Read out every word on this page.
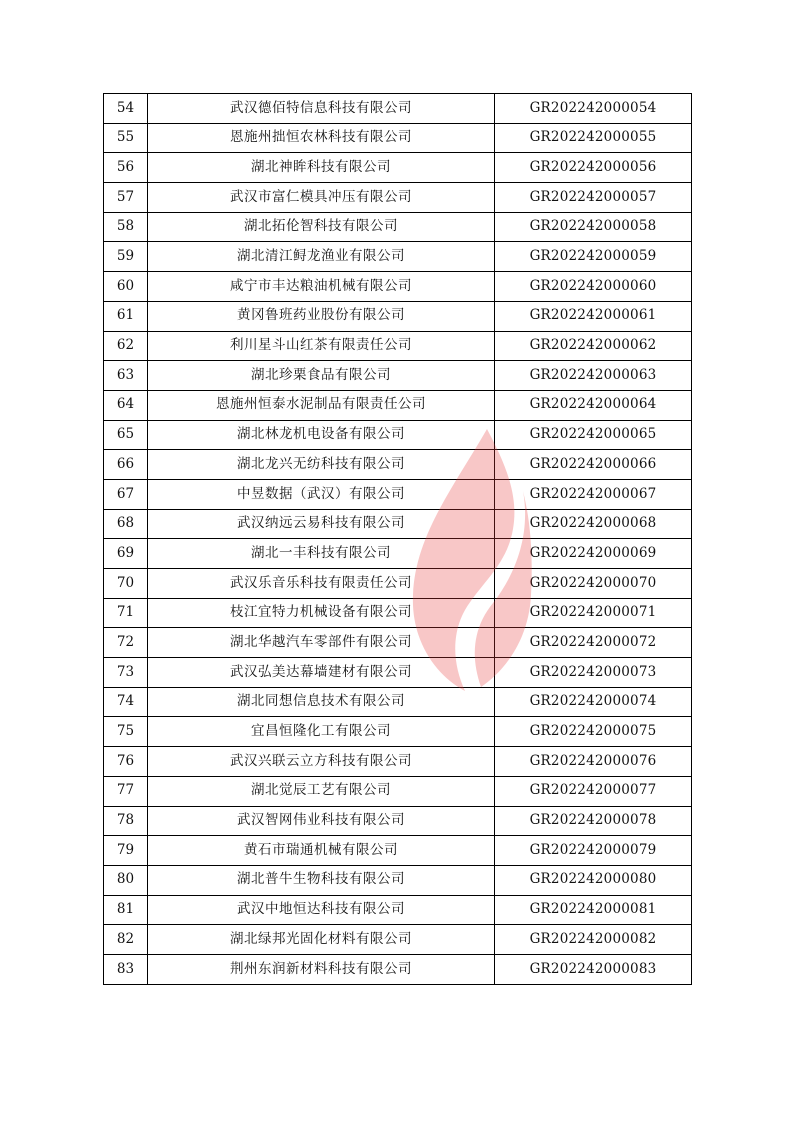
54	武汉德佰特信息科技有限公司	GR202242000054
55	恩施州拙恒农林科技有限公司	GR202242000055
56	湖北神眸科技有限公司	GR202242000056
57	武汉市富仁模具冲压有限公司	GR202242000057
58	湖北拓伦智科技有限公司	GR202242000058
59	湖北清江鲟龙渔业有限公司	GR202242000059
60	咸宁市丰达粮油机械有限公司	GR202242000060
61	黄冈鲁班药业股份有限公司	GR202242000061
62	利川星斗山红茶有限责任公司	GR202242000062
63	湖北珍栗食品有限公司	GR202242000063
64	恩施州恒泰水泥制品有限责任公司	GR202242000064
65	湖北林龙机电设备有限公司	GR202242000065
66	湖北龙兴无纺科技有限公司	GR202242000066
67	中昱数据（武汉）有限公司	GR202242000067
68	武汉纳远云易科技有限公司	GR202242000068
69	湖北一丰科技有限公司	GR202242000069
70	武汉乐音乐科技有限责任公司	GR202242000070
71	枝江宜特力机械设备有限公司	GR202242000071
72	湖北华越汽车零部件有限公司	GR202242000072
73	武汉弘美达幕墙建材有限公司	GR202242000073
74	湖北同想信息技术有限公司	GR202242000074
75	宜昌恒隆化工有限公司	GR202242000075
76	武汉兴联云立方科技有限公司	GR202242000076
77	湖北觉辰工艺有限公司	GR202242000077
78	武汉智网伟业科技有限公司	GR202242000078
79	黄石市瑞通机械有限公司	GR202242000079
80	湖北普牛生物科技有限公司	GR202242000080
81	武汉中地恒达科技有限公司	GR202242000081
82	湖北绿邦光固化材料有限公司	GR202242000082
83	荆州东润新材料科技有限公司	GR202242000083
